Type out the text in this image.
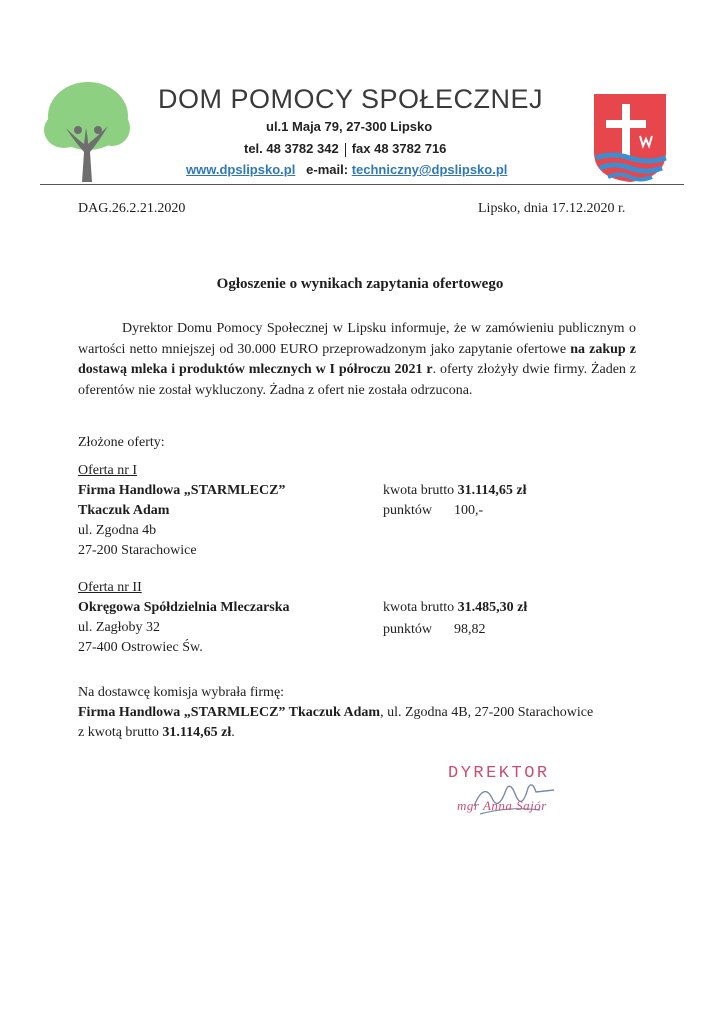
DOM POMOCY SPOŁECZNEJ
ul.1 Maja 79, 27-300 Lipsko
tel. 48 3782 342 fax 48 3782 716
www.dpslipsko.pl e-mail: techniczny@dpslipsko.pl
DAG.26.2.21.2020	Lipsko, dnia 17.12.2020 r.
Ogłoszenie o wynikach zapytania ofertowego
Dyrektor Domu Pomocy Społecznej w Lipsku informuje, że w zamówieniu publicznym o wartości netto mniejszej od 30.000 EURO przeprowadzonym jako zapytanie ofertowe na zakup z dostawą mleka i produktów mlecznych w I półroczu 2021 r. oferty złożyły dwie firmy. Żaden z oferentów nie został wykluczony. Żadna z ofert nie została odrzucona.
Złożone oferty:
Oferta nr I
Firma Handlowa „STARMLECZ”
Tkaczuk Adam
ul. Zgodna 4b
27-200 Starachowice
kwota brutto 31.114,65 zł
punktów 100,-
Oferta nr II
Okręgowa Spółdzielnia Mleczarska
ul. Zagłoby 32
27-400 Ostrowiec Św.
kwota brutto 31.485,30 zł
punktów 98,82
Na dostawcę komisja wybrała firmę:
Firma Handlowa „STARMLECZ” Tkaczuk Adam, ul. Zgodna 4B, 27-200 Starachowice
z kwotą brutto 31.114,65 zł.
DYREKTOR
mgr Anna Sajór
